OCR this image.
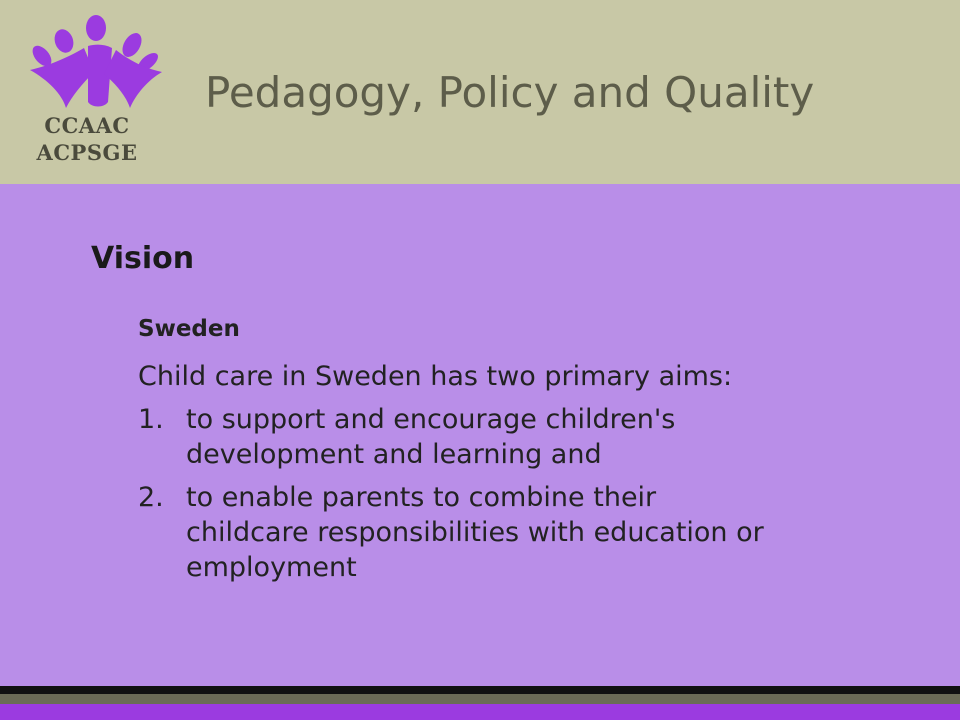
CCAAC
ACPSGE
Pedagogy, Policy and Quality
Vision
Sweden
Child care in Sweden has two primary aims:
1. to support and encourage children's development and learning and
2. to enable parents to combine their childcare responsibilities with education or employment
